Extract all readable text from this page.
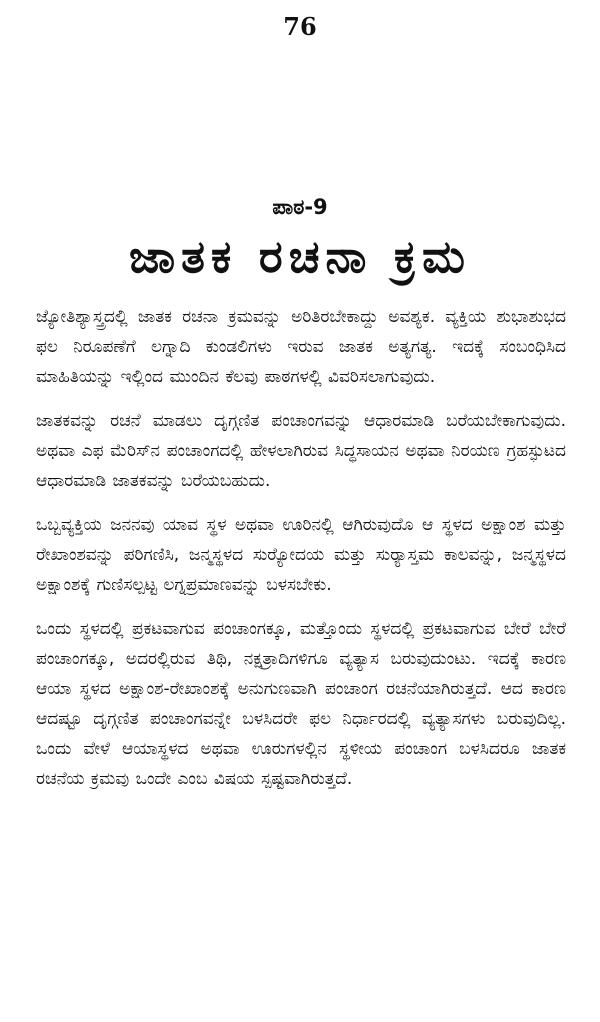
76
ಪಾಠ-9
ಜಾತಕ ರಚನಾ ಕ್ರಮ

ಜ್ಯೋತಿಶ್ಯಾಸ್ತ್ರದಲ್ಲಿ ಜಾತಕ ರಚನಾ ಕ್ರಮವನ್ನು ಅರಿತಿರಬೇಕಾದ್ದು ಅವಶ್ಯಕ. ವ್ಯಕ್ತಿಯ ಶುಭಾಶುಭದ ಫಲ ನಿರೂಪಣೆಗೆ ಲಗ್ನಾದಿ ಕುಂಡಲಿಗಳು ಇರುವ ಜಾತಕ ಅತ್ಯಗತ್ಯ. ಇದಕ್ಕೆ ಸಂಬಂಧಿಸಿದ ಮಾಹಿತಿಯನ್ನು ಇಲ್ಲಿಂದ ಮುಂದಿನ ಕೆಲವು ಪಾಠಗಳಲ್ಲಿ ವಿವರಿಸಲಾಗುವುದು.

ಜಾತಕವನ್ನು ರಚನೆ ಮಾಡಲು ದೃಗ್ಗಣಿತ ಪಂಚಾಂಗವನ್ನು ಆಧಾರಮಾಡಿ ಬರೆಯಬೇಕಾಗುವುದು. ಅಥವಾ ಎಫ ಮೆರಿಸ್‌ನ ಪಂಚಾಂಗದಲ್ಲಿ ಹೇಳಲಾಗಿರುವ ಸಿದ್ಧಸಾಯನ ಅಥವಾ ನಿರಯಣ ಗ್ರಹಸ್ಫುಟದ ಆಧಾರಮಾಡಿ ಜಾತಕವನ್ನು ಬರೆಯಬಹುದು.

ಒಬ್ಬವ್ಯಕ್ತಿಯ ಜನನವು ಯಾವ ಸ್ಥಳ ಅಥವಾ ಊರಿನಲ್ಲಿ ಆಗಿರುವುದೊ ಆ ಸ್ಥಳದ ಅಕ್ಷಾಂಶ ಮತ್ತು ರೇಖಾಂಶವನ್ನು ಪರಿಗಣಿಸಿ, ಜನ್ಮಸ್ಥಳದ ಸುರ್‍ಯೋದಯ ಮತ್ತು ಸುರ್‍ಯಾಸ್ತಮ ಕಾಲವನ್ನು, ಜನ್ಮಸ್ಥಳದ ಅಕ್ಷಾಂಶಕ್ಕೆ ಗುಣಿಸಲ್ಪಟ್ಟ ಲಗ್ನಪ್ರಮಾಣವನ್ನು ಬಳಸಬೇಕು.

ಒಂದು ಸ್ಥಳದಲ್ಲಿ ಪ್ರಕಟವಾಗುವ ಪಂಚಾಂಗಕ್ಕೂ, ಮತ್ತೊಂದು ಸ್ಥಳದಲ್ಲಿ ಪ್ರಕಟವಾಗುವ ಬೇರೆ ಬೇರೆ ಪಂಚಾಂಗಕ್ಕೂ, ಅದರಲ್ಲಿರುವ ತಿಥಿ, ನಕ್ಷತ್ರಾದಿಗಳಿಗೂ ವ್ಯತ್ಯಾಸ ಬರುವುದುಂಟು. ಇದಕ್ಕೆ ಕಾರಣ ಆಯಾ ಸ್ಥಳದ ಅಕ್ಷಾಂಶ-ರೇಖಾಂಶಕ್ಕೆ ಅನುಗುಣವಾಗಿ ಪಂಚಾಂಗ ರಚನೆಯಾಗಿರುತ್ತದೆ. ಆದ ಕಾರಣ ಆದಷ್ಟೂ ದೃಗ್ಗಣಿತ ಪಂಚಾಂಗವನ್ನೇ ಬಳಸಿದರೇ ಫಲ ನಿರ್ಧಾರದಲ್ಲಿ ವ್ಯತ್ಯಾಸಗಳು ಬರುವುದಿಲ್ಲ. ಒಂದು ವೇಳೆ ಆಯಾಸ್ಥಳದ ಅಥವಾ ಊರುಗಳಲ್ಲಿನ ಸ್ಥಳೀಯ ಪಂಚಾಂಗ ಬಳಸಿದರೂ ಜಾತಕ ರಚನೆಯ ಕ್ರಮವು ಒಂದೇ ಎಂಬ ವಿಷಯ ಸ್ಪಷ್ಟವಾಗಿರುತ್ತದೆ.
